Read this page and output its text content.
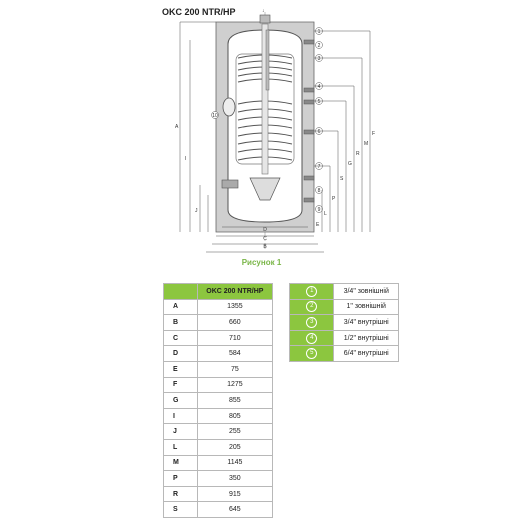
OKC 200 NTR/HP	↓
1
2
3
4
5
6
7
8
9
10
F
M
R
G
S
P
L
E
A
I
J
D
C
B
Рисунок 1
	OKC 200 NTR/HP
A	1355
B	660
C	710
D	584
E	75
F	1275
G	855
I	805
J	255
L	205
M	1145
P	350
R	915
S	645
1	3/4" зовнішній
2	1" зовнішній
3	3/4" внутрішні
4	1/2" внутрішні
5	6/4" внутрішні
